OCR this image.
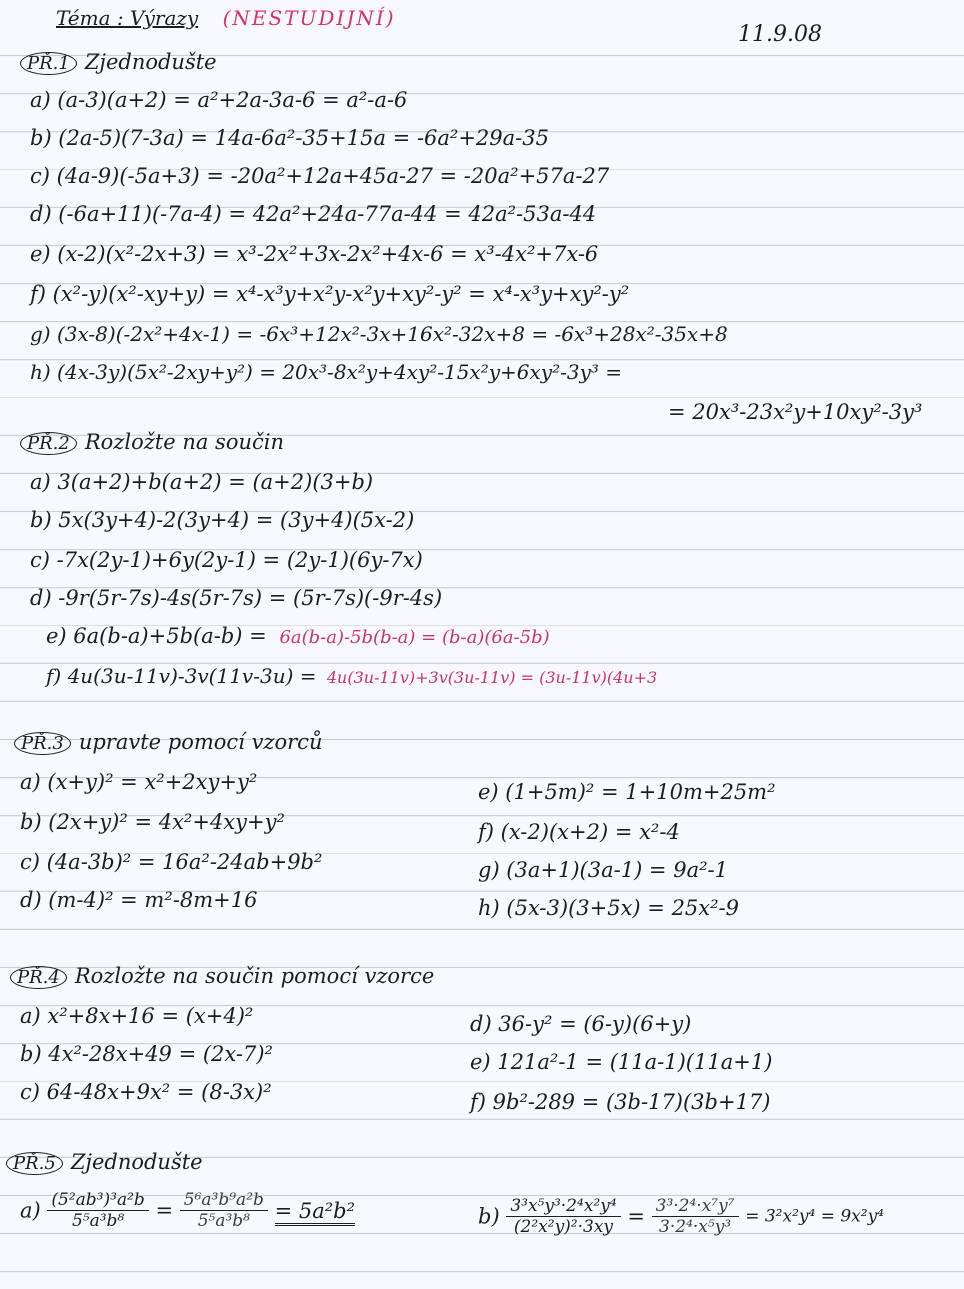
Téma : Výrazy (NESTUDIJNÍ)
11.9.08
PŘ.1 Zjednodušte
a) (a-3)(a+2) = a²+2a-3a-6 = a²-a-6
b) (2a-5)(7-3a) = 14a-6a²-35+15a = -6a²+29a-35
c) (4a-9)(-5a+3) = -20a²+12a+45a-27 = -20a²+57a-27
d) (-6a+11)(-7a-4) = 42a²+24a-77a-44 = 42a²-53a-44
e) (x-2)(x²-2x+3) = x³-2x²+3x-2x²+4x-6 = x³-4x²+7x-6
f) (x²-y)(x²-xy+y) = x⁴-x³y+x²y-x²y+xy²-y² = x⁴-x³y+xy²-y²
g) (3x-8)(-2x²+4x-1) = -6x³+12x²-3x+16x²-32x+8 = -6x³+28x²-35x+8
h) (4x-3y)(5x²-2xy+y²) = 20x³-8x²y+4xy²-15x²y+6xy²-3y³ =
= 20x³-23x²y+10xy²-3y³
PŘ.2 Rozložte na součin
a) 3(a+2)+b(a+2) = (a+2)(3+b)
b) 5x(3y+4)-2(3y+4) = (3y+4)(5x-2)
c) -7x(2y-1)+6y(2y-1) = (2y-1)(6y-7x)
d) -9r(5r-7s)-4s(5r-7s) = (5r-7s)(-9r-4s)
e) 6a(b-a)+5b(a-b) = 6a(b-a)-5b(b-a) = (b-a)(6a-5b)
f) 4u(3u-11v)-3v(11v-3u) = 4u(3u-11v)+3v(3u-11v) = (3u-11v)(4u+3
PŘ.3 upravte pomocí vzorců
a) (x+y)² = x²+2xy+y²
b) (2x+y)² = 4x²+4xy+y²
c) (4a-3b)² = 16a²-24ab+9b²
d) (m-4)² = m²-8m+16
e) (1+5m)² = 1+10m+25m²
f) (x-2)(x+2) = x²-4
g) (3a+1)(3a-1) = 9a²-1
h) (5x-3)(3+5x) = 25x²-9
PŘ.4 Rozložte na součin pomocí vzorce
a) x²+8x+16 = (x+4)²
b) 4x²-28x+49 = (2x-7)²
c) 64-48x+9x² = (8-3x)²
d) 36-y² = (6-y)(6+y)
e) 121a²-1 = (11a-1)(11a+1)
f) 9b²-289 = (3b-17)(3b+17)
PŘ.5 Zjednodušte
$a) \frac{\text{(5²ab³)³a²b}}{\text{5⁵a³b⁸}} = \frac{\text{5⁶a³b⁹a²b}}{\text{5⁵a³b⁸}} = 5a^2b^2$	$b) \frac{\text{3³x⁵y³·2⁴x²y⁴}}{\text{(2²x²y)²·3xy}} = \frac{\text{3³·2⁴·x⁷y⁷}}{\text{3·2⁴·x⁵y³}} = 3^2x^2y^4 = 9x^2y^4$
